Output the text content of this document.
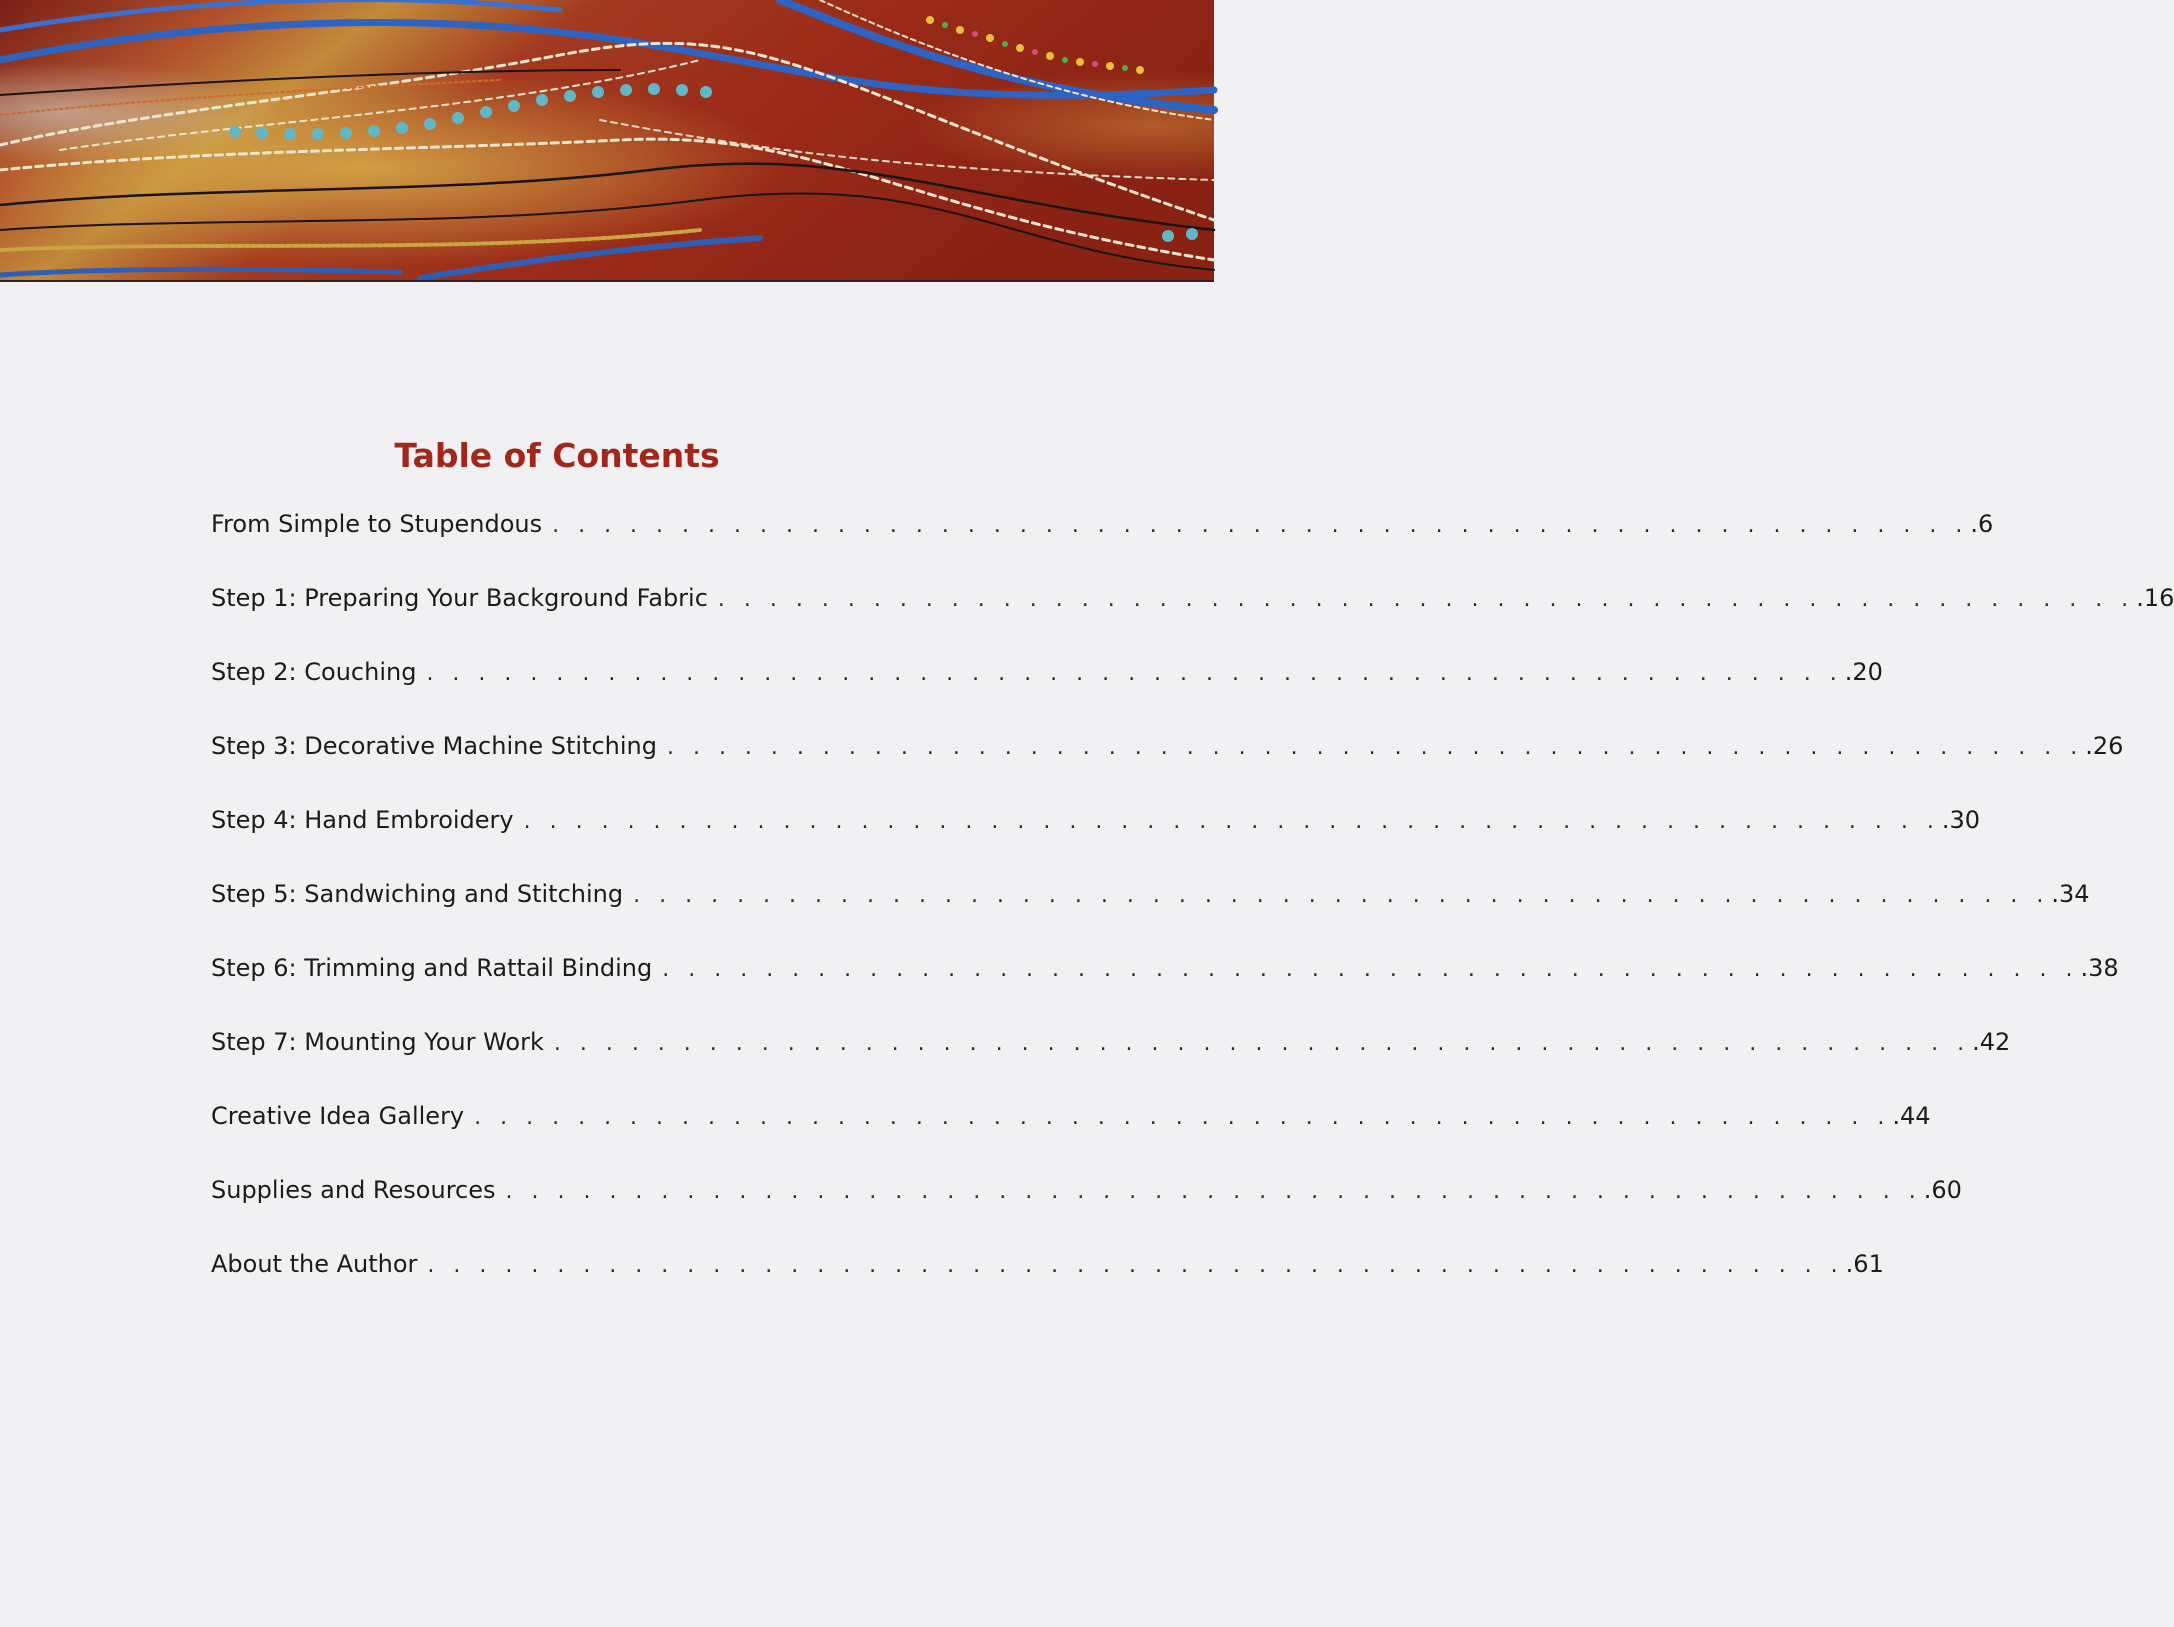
Table of Contents
From Simple to Stupendous . . . . . . . . . . . . . . . . . . . . . . . . . . . . . . . . . . . . . . . . . . . . . . . . . . . . . . . .6
Step 1: Preparing Your Background Fabric . . . . . . . . . . . . . . . . . . . . . . . . . . . . . . . . . . . . . . . . . . . . . . . . . . . . . . . .16
Step 2: Couching . . . . . . . . . . . . . . . . . . . . . . . . . . . . . . . . . . . . . . . . . . . . . . . . . . . . . . . .20
Step 3: Decorative Machine Stitching . . . . . . . . . . . . . . . . . . . . . . . . . . . . . . . . . . . . . . . . . . . . . . . . . . . . . . . .26
Step 4: Hand Embroidery . . . . . . . . . . . . . . . . . . . . . . . . . . . . . . . . . . . . . . . . . . . . . . . . . . . . . . . .30
Step 5: Sandwiching and Stitching . . . . . . . . . . . . . . . . . . . . . . . . . . . . . . . . . . . . . . . . . . . . . . . . . . . . . . . .34
Step 6: Trimming and Rattail Binding . . . . . . . . . . . . . . . . . . . . . . . . . . . . . . . . . . . . . . . . . . . . . . . . . . . . . . . .38
Step 7: Mounting Your Work . . . . . . . . . . . . . . . . . . . . . . . . . . . . . . . . . . . . . . . . . . . . . . . . . . . . . . . .42
Creative Idea Gallery . . . . . . . . . . . . . . . . . . . . . . . . . . . . . . . . . . . . . . . . . . . . . . . . . . . . . . . .44
Supplies and Resources . . . . . . . . . . . . . . . . . . . . . . . . . . . . . . . . . . . . . . . . . . . . . . . . . . . . . . . .60
About the Author . . . . . . . . . . . . . . . . . . . . . . . . . . . . . . . . . . . . . . . . . . . . . . . . . . . . . . . .61
